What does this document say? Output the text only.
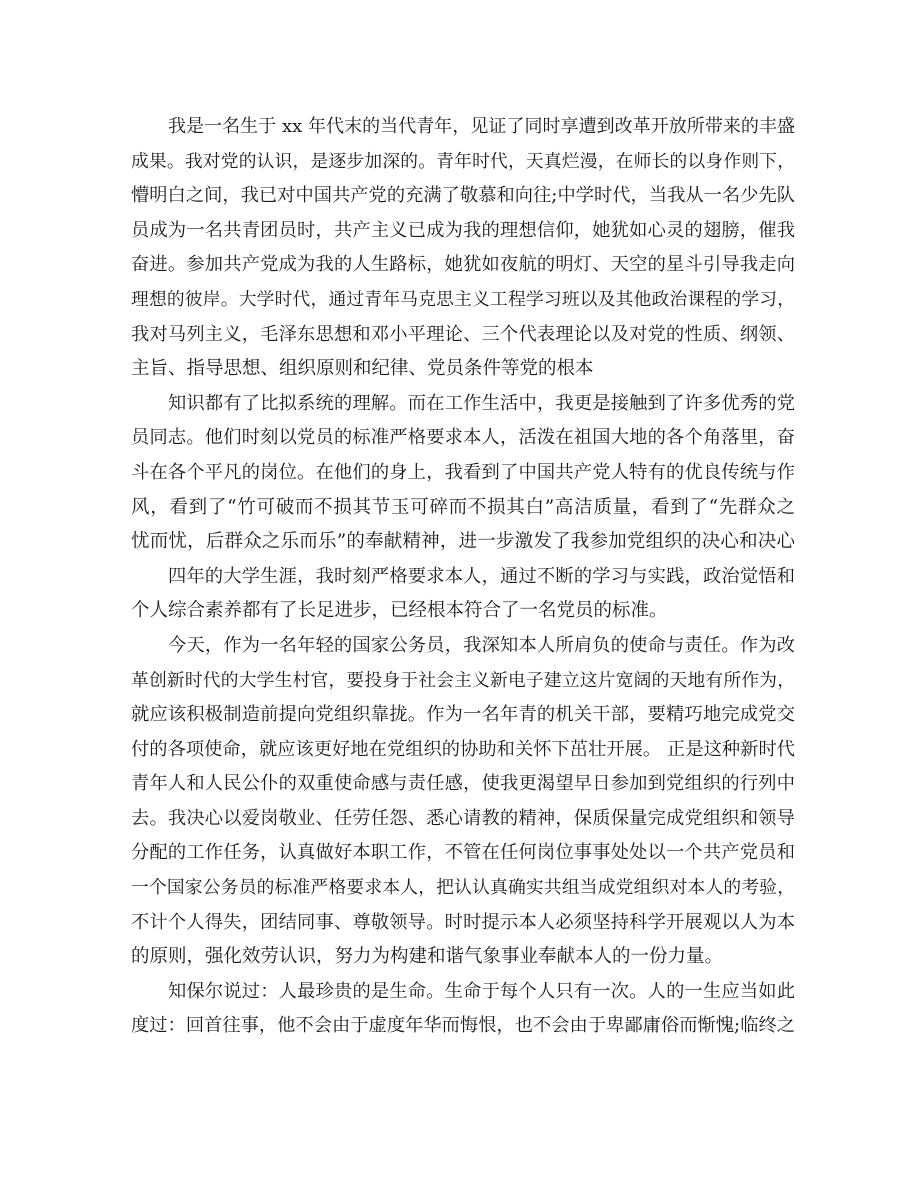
我是一名生于 xx 年代末的当代青年，见证了同时享遭到改革开放所带来的丰盛
成果。我对党的认识，是逐步加深的。青年时代，天真烂漫，在师长的以身作则下，
懵明白之间，我已对中国共产党的充满了敬慕和向往;中学时代，当我从一名少先队
员成为一名共青团员时，共产主义已成为我的理想信仰，她犹如心灵的翅膀，催我
奋进。参加共产党成为我的人生路标，她犹如夜航的明灯、天空的星斗引导我走向
理想的彼岸。大学时代，通过青年马克思主义工程学习班以及其他政治课程的学习，
我对马列主义，毛泽东思想和邓小平理论、三个代表理论以及对党的性质、纲领、
主旨、指导思想、组织原则和纪律、党员条件等党的根本
知识都有了比拟系统的理解。而在工作生活中，我更是接触到了许多优秀的党
员同志。他们时刻以党员的标准严格要求本人，活泼在祖国大地的各个角落里，奋
斗在各个平凡的岗位。在他们的身上，我看到了中国共产党人特有的优良传统与作
风，看到了“竹可破而不损其节玉可碎而不损其白”高洁质量，看到了“先群众之
忧而忧，后群众之乐而乐”的奉献精神，进一步激发了我参加党组织的决心和决心
四年的大学生涯，我时刻严格要求本人，通过不断的学习与实践，政治觉悟和
个人综合素养都有了长足进步，已经根本符合了一名党员的标准。
今天，作为一名年轻的国家公务员，我深知本人所肩负的使命与责任。作为改
革创新时代的大学生村官，要投身于社会主义新电子建立这片宽阔的天地有所作为，
就应该积极制造前提向党组织靠拢。作为一名年青的机关干部，要精巧地完成党交
付的各项使命，就应该更好地在党组织的协助和关怀下茁壮开展。 正是这种新时代
青年人和人民公仆的双重使命感与责任感，使我更渴望早日参加到党组织的行列中
去。我决心以爱岗敬业、任劳任怨、悉心请教的精神，保质保量完成党组织和领导
分配的工作任务，认真做好本职工作，不管在任何岗位事事处处以一个共产党员和
一个国家公务员的标准严格要求本人，把认认真确实共组当成党组织对本人的考验，
不计个人得失，团结同事、尊敬领导。时时提示本人必须坚持科学开展观以人为本
的原则，强化效劳认识，努力为构建和谐气象事业奉献本人的一份力量。
知保尔说过：人最珍贵的是生命。生命于每个人只有一次。人的一生应当如此
度过：回首往事，他不会由于虚度年华而悔恨，也不会由于卑鄙庸俗而惭愧;临终之
